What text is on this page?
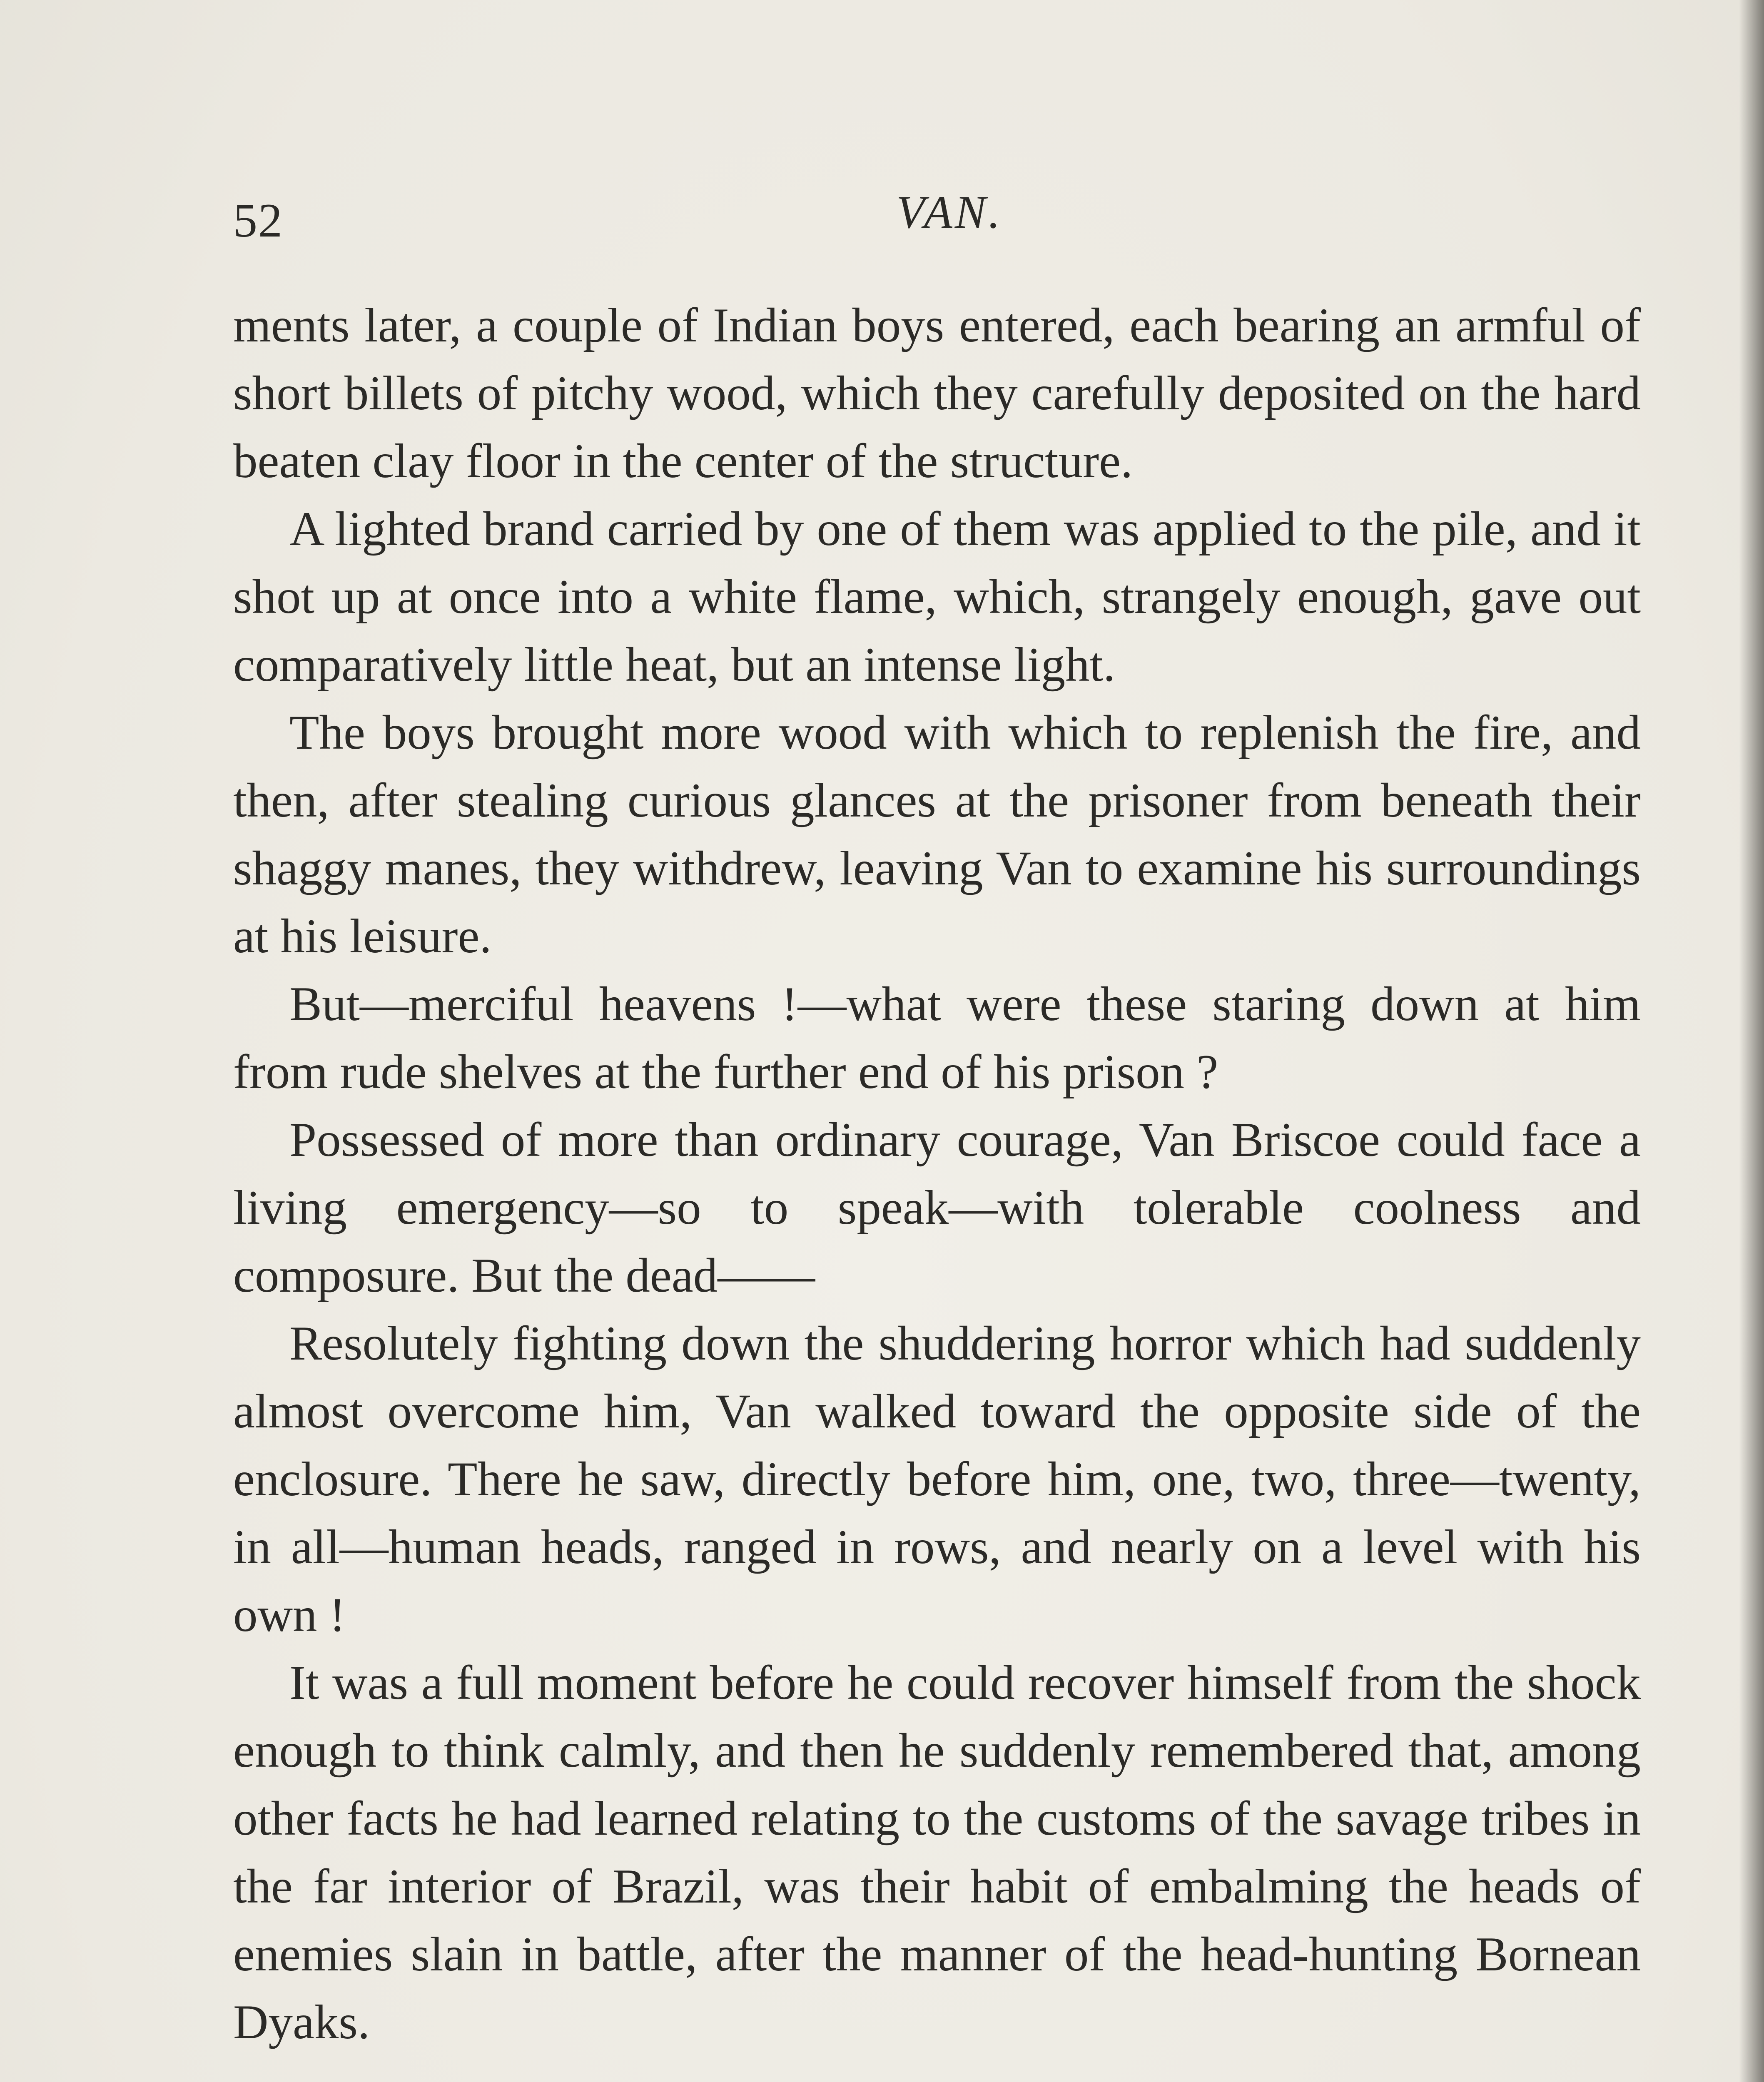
52	VAN.

ments later, a couple of Indian boys entered, each bearing an armful of short billets of pitchy wood, which they carefully deposited on the hard beaten clay floor in the center of the structure.

A lighted brand carried by one of them was applied to the pile, and it shot up at once into a white flame, which, strangely enough, gave out comparatively little heat, but an intense light.

The boys brought more wood with which to replenish the fire, and then, after stealing curious glances at the prisoner from beneath their shaggy manes, they withdrew, leaving Van to examine his surroundings at his leisure.

But—merciful heavens !—what were these staring down at him from rude shelves at the further end of his prison ?

Possessed of more than ordinary courage, Van Briscoe could face a living emergency—so to speak—with tolerable coolness and composure. But the dead——

Resolutely fighting down the shuddering horror which had suddenly almost overcome him, Van walked toward the opposite side of the enclosure. There he saw, directly before him, one, two, three—twenty, in all—human heads, ranged in rows, and nearly on a level with his own !

It was a full moment before he could recover himself from the shock enough to think calmly, and then he suddenly remembered that, among other facts he had learned relating to the customs of the savage tribes in the far interior of Brazil, was their habit of embalming the heads of enemies slain in battle, after the manner of the head-hunting Bornean Dyaks.
